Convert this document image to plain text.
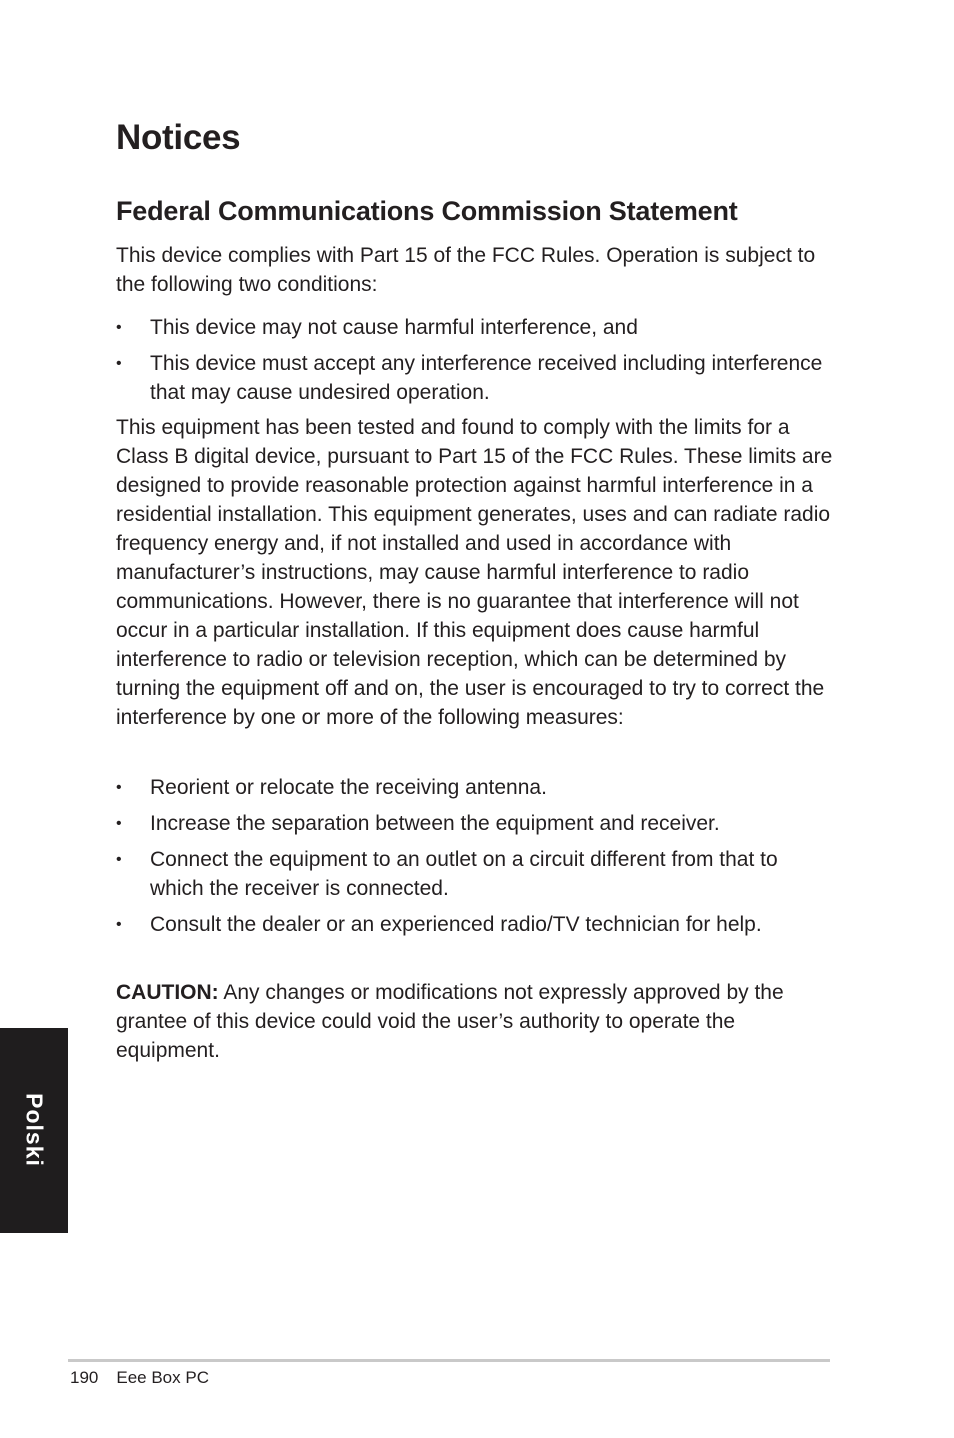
Notices
Federal Communications Commission Statement

This device complies with Part 15 of the FCC Rules. Operation is subject to the following two conditions:

• This device may not cause harmful interference, and
• This device must accept any interference received including interference that may cause undesired operation.

This equipment has been tested and found to comply with the limits for a Class B digital device, pursuant to Part 15 of the FCC Rules. These limits are designed to provide reasonable protection against harmful interference in a residential installation. This equipment generates, uses and can radiate radio frequency energy and, if not installed and used in accordance with manufacturer’s instructions, may cause harmful interference to radio communications. However, there is no guarantee that interference will not occur in a particular installation. If this equipment does cause harmful interference to radio or television reception, which can be determined by turning the equipment off and on, the user is encouraged to try to correct the interference by one or more of the following measures:

• Reorient or relocate the receiving antenna.
• Increase the separation between the equipment and receiver.
• Connect the equipment to an outlet on a circuit different from that to which the receiver is connected.
• Consult the dealer or an experienced radio/TV technician for help.

CAUTION: Any changes or modifications not expressly approved by the grantee of this device could void the user’s authority to operate the equipment.

Polski
190 Eee Box PC
